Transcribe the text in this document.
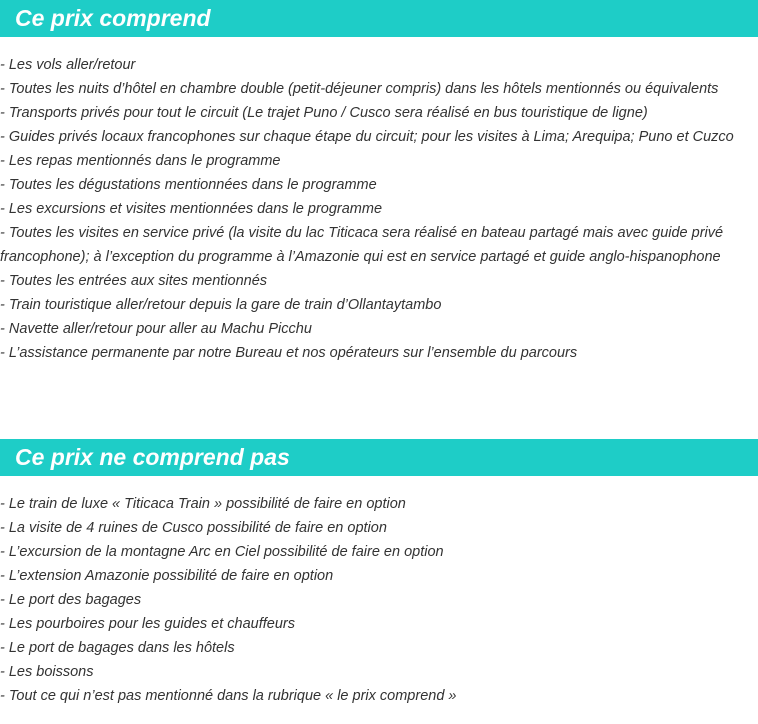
Ce prix comprend
- Les vols aller/retour
- Toutes les nuits d’hôtel en chambre double (petit-déjeuner compris) dans les hôtels mentionnés ou équivalents
- Transports privés pour tout le circuit (Le trajet Puno / Cusco sera réalisé en bus touristique de ligne)
- Guides privés locaux francophones sur chaque étape du circuit; pour les visites à Lima; Arequipa; Puno et Cuzco
- Les repas mentionnés dans le programme
- Toutes les dégustations mentionnées dans le programme
- Les excursions et visites mentionnées dans le programme
- Toutes les visites en service privé (la visite du lac Titicaca sera réalisé en bateau partagé mais avec guide privé francophone); à l’exception du programme à l’Amazonie qui est en service partagé et guide anglo-hispanophone
- Toutes les entrées aux sites mentionnés
- Train touristique aller/retour depuis la gare de train d’Ollantaytambo
- Navette aller/retour pour aller au Machu Picchu
- L’assistance permanente par notre Bureau et nos opérateurs sur l’ensemble du parcours
Ce prix ne comprend pas
- Le train de luxe « Titicaca Train » possibilité de faire en option
- La visite de 4 ruines de Cusco possibilité de faire en option
- L’excursion de la montagne Arc en Ciel possibilité de faire en option
- L’extension Amazonie possibilité de faire en option
- Le port des bagages
- Les pourboires pour les guides et chauffeurs
- Le port de bagages dans les hôtels
- Les boissons
- Tout ce qui n’est pas mentionné dans la rubrique « le prix comprend »
